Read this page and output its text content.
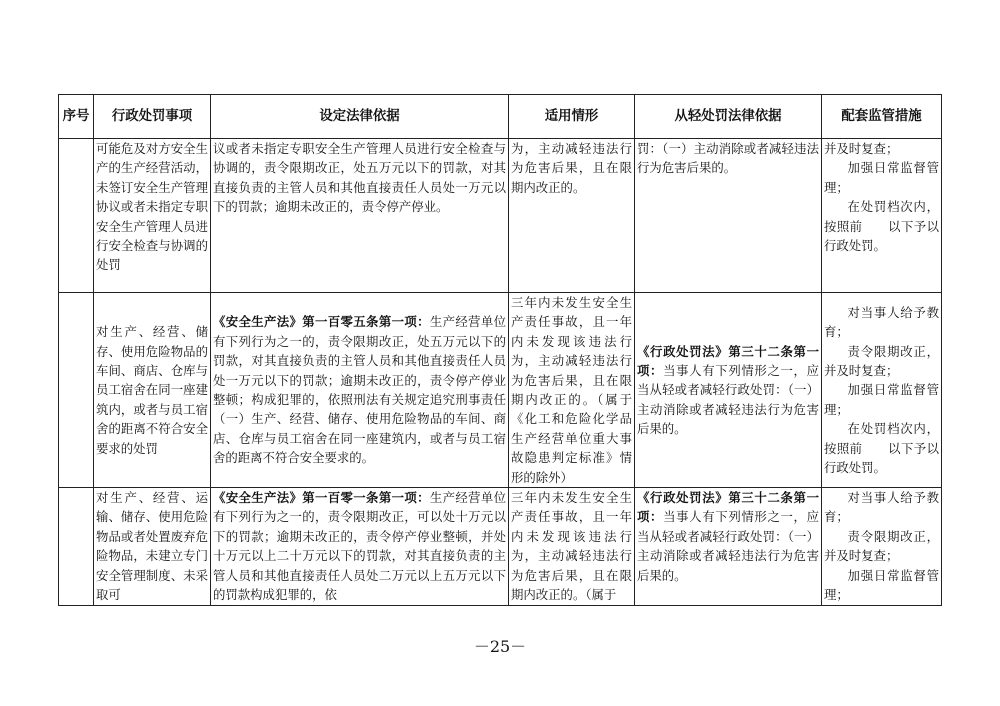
序号	行政处罚事项	设定法律依据	适用情形	从轻处罚法律依据	配套监管措施
	可能危及对方安全生产的生产经营活动，未签订安全生产管理协议或者未指定专职安全生产管理人员进行安全检查与协调的处罚	议或者未指定专职安全生产管理人员进行安全检查与协调的，责令限期改正，处五万元以下的罚款，对其直接负责的主管人员和其他直接责任人员处一万元以下的罚款；逾期未改正的，责令停产停业。	为，主动减轻违法行为危害后果，且在限期内改正的。	罚：（一）主动消除或者减轻违法行为危害后果的。	并及时复查；

加强日常监督管理；

在处罚档次内，按照前　　以下予以行政处罚。

	对生产、经营、储存、使用危险物品的车间、商店、仓库与员工宿舍在同一座建筑内，或者与员工宿舍的距离不符合安全要求的处罚	《安全生产法》第一百零五条第一项：生产经营单位有下列行为之一的，责令限期改正，处五万元以下的罚款，对其直接负责的主管人员和其他直接责任人员处一万元以下的罚款；逾期未改正的，责令停产停业整顿；构成犯罪的，依照刑法有关规定追究刑事责任（一）生产、经营、储存、使用危险物品的车间、商店、仓库与员工宿舍在同一座建筑内，或者与员工宿舍的距离不符合安全要求的。	三年内未发生安全生产责任事故，且一年内未发现该违法行为，主动减轻违法行为危害后果，且在限期内改正的。（属于《化工和危险化学品生产经营单位重大事故隐患判定标准》情形的除外）	《行政处罚法》第三十二条第一项：当事人有下列情形之一，应当从轻或者减轻行政处罚：（一）主动消除或者减轻违法行为危害后果的。	对当事人给予教育；

责令限期改正，并及时复查；

加强日常监督管理；

在处罚档次内，按照前　　以下予以行政处罚。

	对生产、经营、运输、储存、使用危险物品或者处置废弃危险物品，未建立专门安全管理制度、未采取可	《安全生产法》第一百零一条第一项：生产经营单位有下列行为之一的，责令限期改正，可以处十万元以下的罚款；逾期未改正的，责令停产停业整顿，并处十万元以上二十万元以下的罚款，对其直接负责的主管人员和其他直接责任人员处二万元以上五万元以下的罚款构成犯罪的，依	三年内未发生安全生产责任事故，且一年内未发现该违法行为，主动减轻违法行为危害后果，且在限期内改正的。（属于	《行政处罚法》第三十二条第一项：当事人有下列情形之一，应当从轻或者减轻行政处罚：（一）主动消除或者减轻违法行为危害后果的。	对当事人给予教育；

责令限期改正，并及时复查；

加强日常监督管理；

－25－
